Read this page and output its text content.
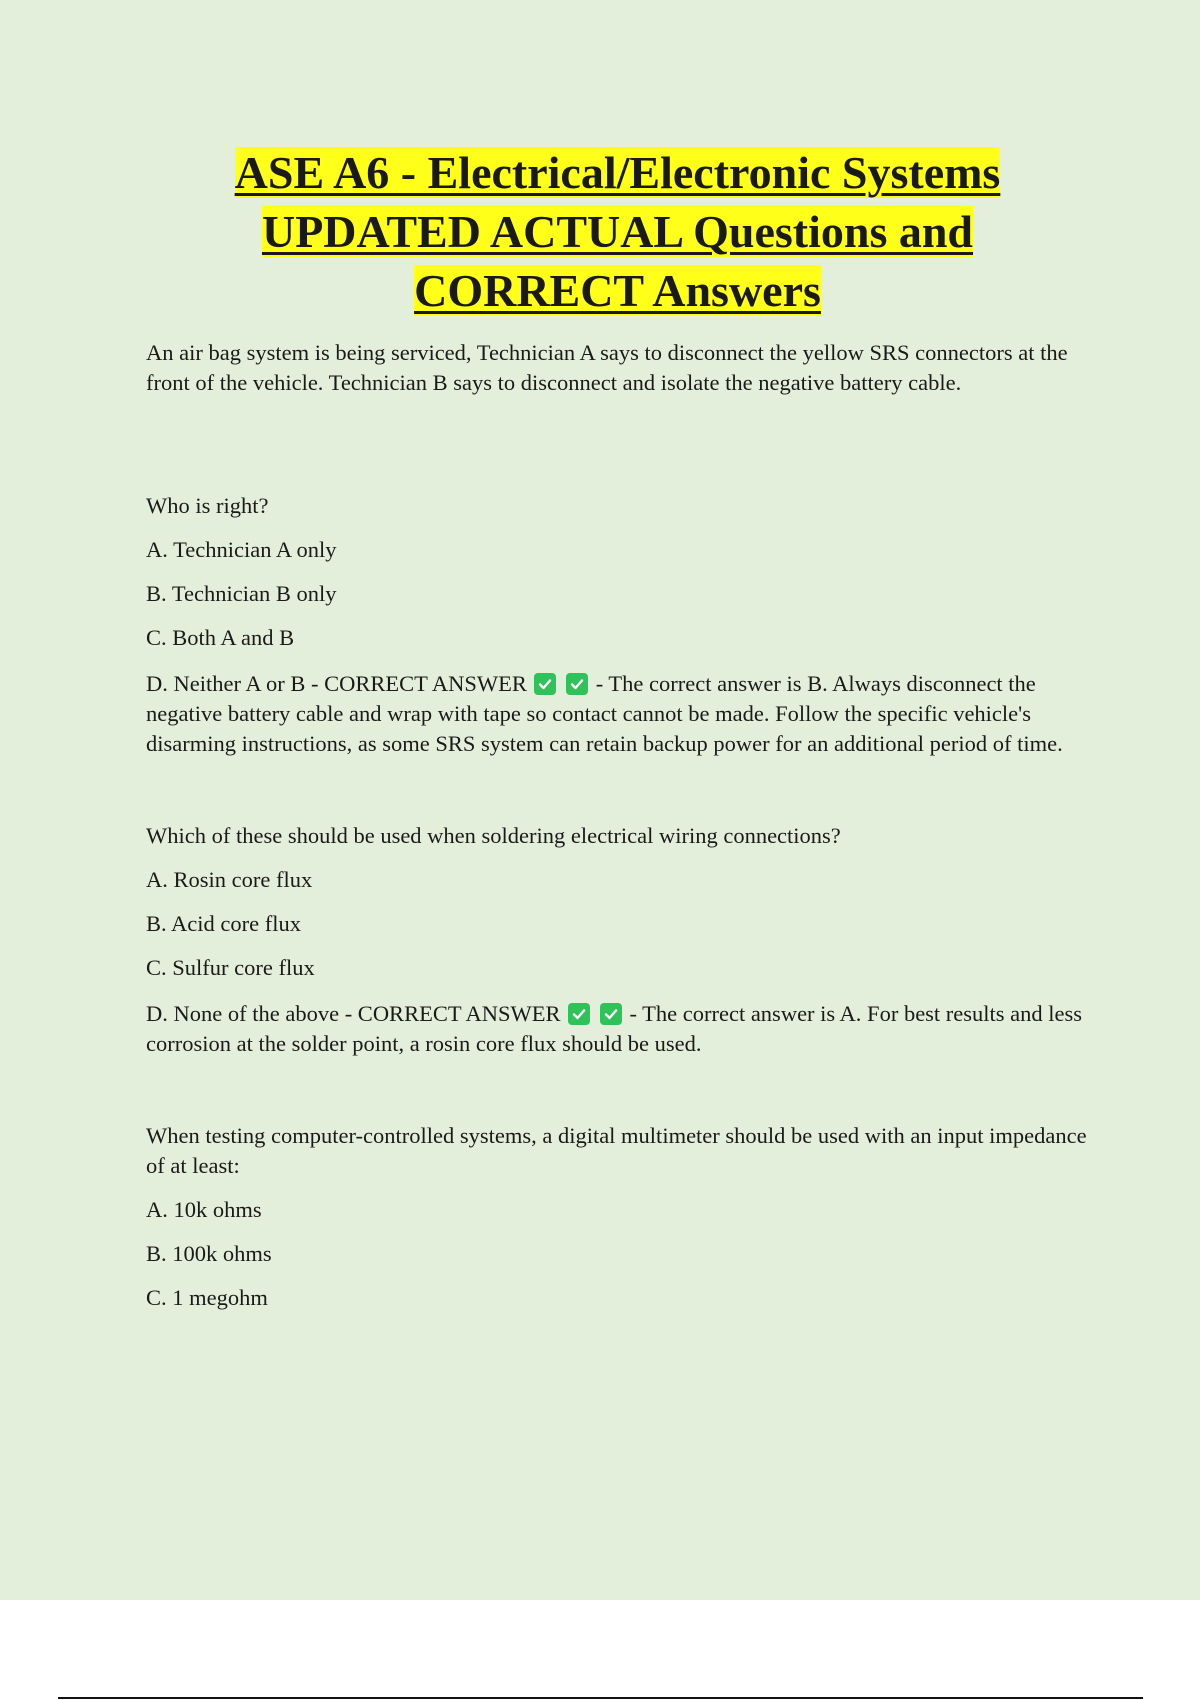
ASE A6 - Electrical/Electronic Systems
UPDATED ACTUAL Questions and
CORRECT Answers

An air bag system is being serviced, Technician A says to disconnect the yellow SRS connectors at the front of the vehicle. Technician B says to disconnect and isolate the negative battery cable.

Who is right?

A. Technician A only

B. Technician B only

C. Both A and B

D. Neither A or B - CORRECT ANSWER
	- The correct answer is B. Always disconnect the negative battery cable and wrap with tape so contact cannot be made. Follow the specific vehicle's disarming instructions, as some SRS system can retain backup power for an additional period of time.

Which of these should be used when soldering electrical wiring connections?

A. Rosin core flux

B. Acid core flux

C. Sulfur core flux

D. None of the above - CORRECT ANSWER
	- The correct answer is A. For best results and less corrosion at the solder point, a rosin core flux should be used.

When testing computer-controlled systems, a digital multimeter should be used with an input impedance of at least:

A. 10k ohms

B. 100k ohms

C. 1 megohm
